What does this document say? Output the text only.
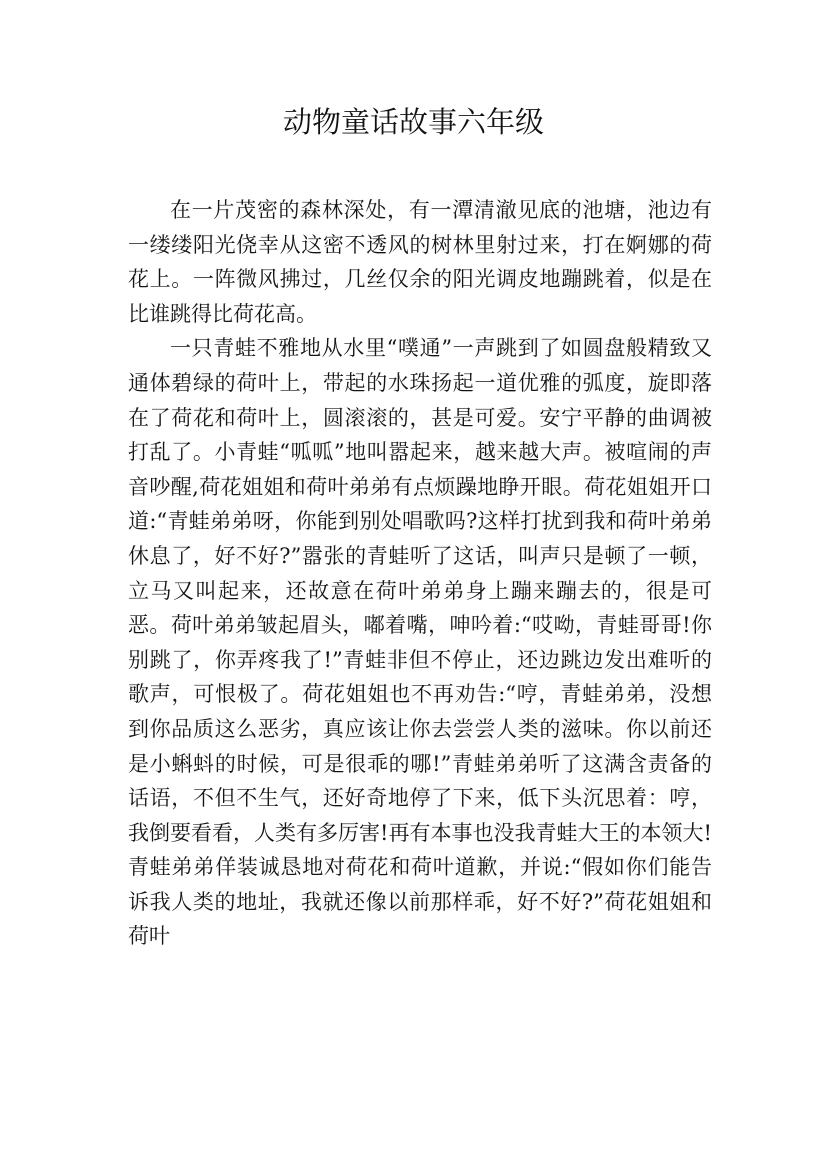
动物童话故事六年级

在一片茂密的森林深处，有一潭清澈见底的池塘，池边有一缕缕阳光侥幸从这密不透风的树林里射过来，打在婀娜的荷花上。一阵微风拂过，几丝仅余的阳光调皮地蹦跳着，似是在比谁跳得比荷花高。

一只青蛙不雅地从水里“噗通”一声跳到了如圆盘般精致又通体碧绿的荷叶上，带起的水珠扬起一道优雅的弧度，旋即落在了荷花和荷叶上，圆滚滚的，甚是可爱。安宁平静的曲调被打乱了。小青蛙“呱呱”地叫嚣起来，越来越大声。被喧闹的声音吵醒,荷花姐姐和荷叶弟弟有点烦躁地睁开眼。荷花姐姐开口道:“青蛙弟弟呀，你能到别处唱歌吗?这样打扰到我和荷叶弟弟休息了，好不好?”嚣张的青蛙听了这话，叫声只是顿了一顿，立马又叫起来，还故意在荷叶弟弟身上蹦来蹦去的，很是可恶。荷叶弟弟皱起眉头，嘟着嘴，呻吟着:“哎呦，青蛙哥哥!你别跳了，你弄疼我了!”青蛙非但不停止，还边跳边发出难听的歌声，可恨极了。荷花姐姐也不再劝告:“哼，青蛙弟弟，没想到你品质这么恶劣，真应该让你去尝尝人类的滋味。你以前还是小蝌蚪的时候，可是很乖的哪!”青蛙弟弟听了这满含责备的话语，不但不生气，还好奇地停了下来，低下头沉思着：哼，我倒要看看，人类有多厉害!再有本事也没我青蛙大王的本领大!青蛙弟弟佯装诚恳地对荷花和荷叶道歉，并说:“假如你们能告诉我人类的地址，我就还像以前那样乖，好不好?”荷花姐姐和荷叶
